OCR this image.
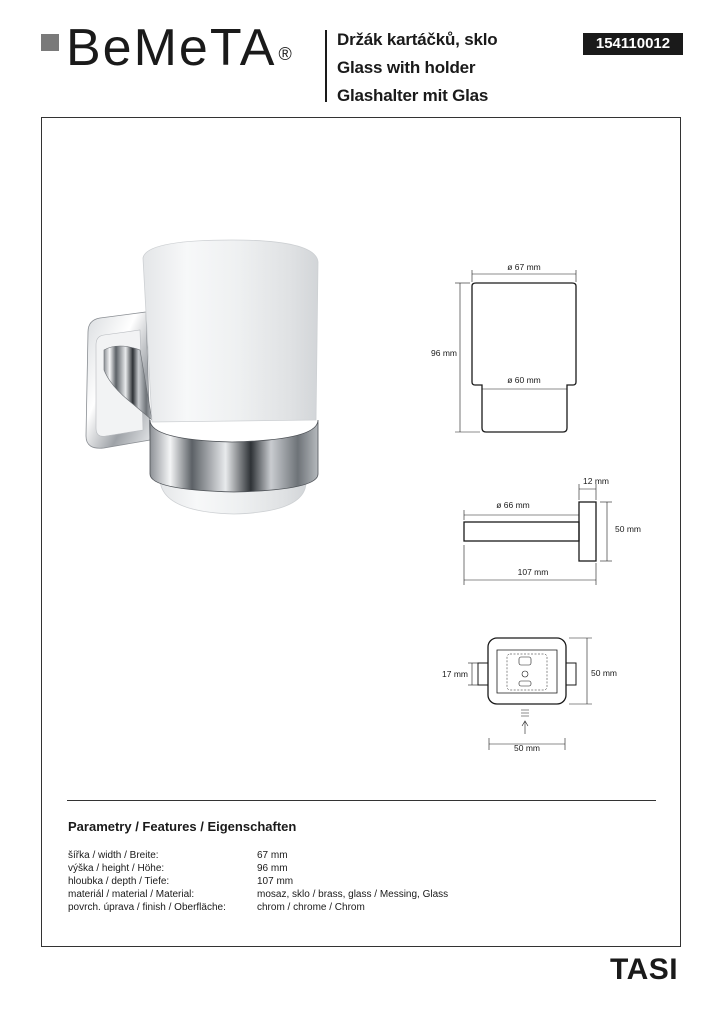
BeMeTA ®
Držák kartáčků, sklo
Glass with holder
Glashalter mit Glas
154110012
ø 67 mm
ø 60 mm
96 mm
12 mm
ø 66 mm
50 mm
107 mm
17 mm	50 mm
50 mm
Parametry / Features / Eigenschaften
šířka / width / Breite:	67 mm
výška / height / Höhe:	96 mm
hloubka / depth / Tiefe:	107 mm
materiál / material / Material:	mosaz, sklo / brass, glass / Messing, Glass
povrch. úprava / finish / Oberfläche:	chrom / chrome / Chrom
TASI
